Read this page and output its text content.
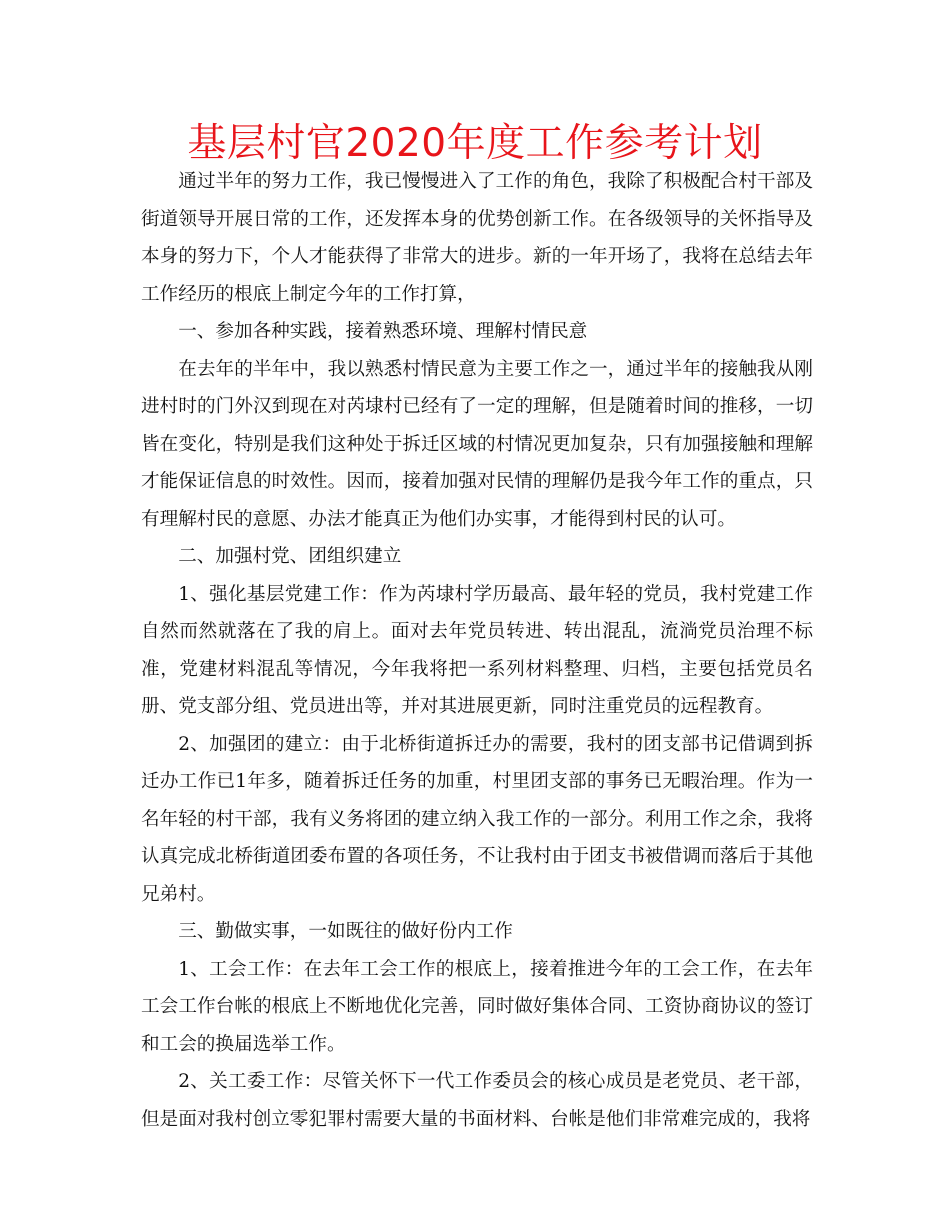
基层村官2020年度工作参考计划

通过半年的努力工作，我已慢慢进入了工作的角色，我除了积极配合村干部及街道领导开展日常的工作，还发挥本身的优势创新工作。在各级领导的关怀指导及本身的努力下，个人才能获得了非常大的进步。新的一年开场了，我将在总结去年工作经历的根底上制定今年的工作打算，

一、参加各种实践，接着熟悉环境、理解村情民意

在去年的半年中，我以熟悉村情民意为主要工作之一，通过半年的接触我从刚进村时的门外汉到现在对芮埭村已经有了一定的理解，但是随着时间的推移，一切皆在变化，特别是我们这种处于拆迁区域的村情况更加复杂，只有加强接触和理解才能保证信息的时效性。因而，接着加强对民情的理解仍是我今年工作的重点，只有理解村民的意愿、办法才能真正为他们办实事，才能得到村民的认可。

二、加强村党、团组织建立

1、强化基层党建工作：作为芮埭村学历最高、最年轻的党员，我村党建工作自然而然就落在了我的肩上。面对去年党员转进、转出混乱，流淌党员治理不标准，党建材料混乱等情况，今年我将把一系列材料整理、归档，主要包括党员名册、党支部分组、党员进出等，并对其进展更新，同时注重党员的远程教育。

2、加强团的建立：由于北桥街道拆迁办的需要，我村的团支部书记借调到拆迁办工作已1年多，随着拆迁任务的加重，村里团支部的事务已无暇治理。作为一名年轻的村干部，我有义务将团的建立纳入我工作的一部分。利用工作之余，我将认真完成北桥街道团委布置的各项任务，不让我村由于团支书被借调而落后于其他兄弟村。

三、勤做实事，一如既往的做好份内工作

1、工会工作：在去年工会工作的根底上，接着推进今年的工会工作，在去年工会工作台帐的根底上不断地优化完善，同时做好集体合同、工资协商协议的签订和工会的换届选举工作。

2、关工委工作：尽管关怀下一代工作委员会的核心成员是老党员、老干部，但是面对我村创立零犯罪村需要大量的书面材料、台帐是他们非常难完成的，我将
